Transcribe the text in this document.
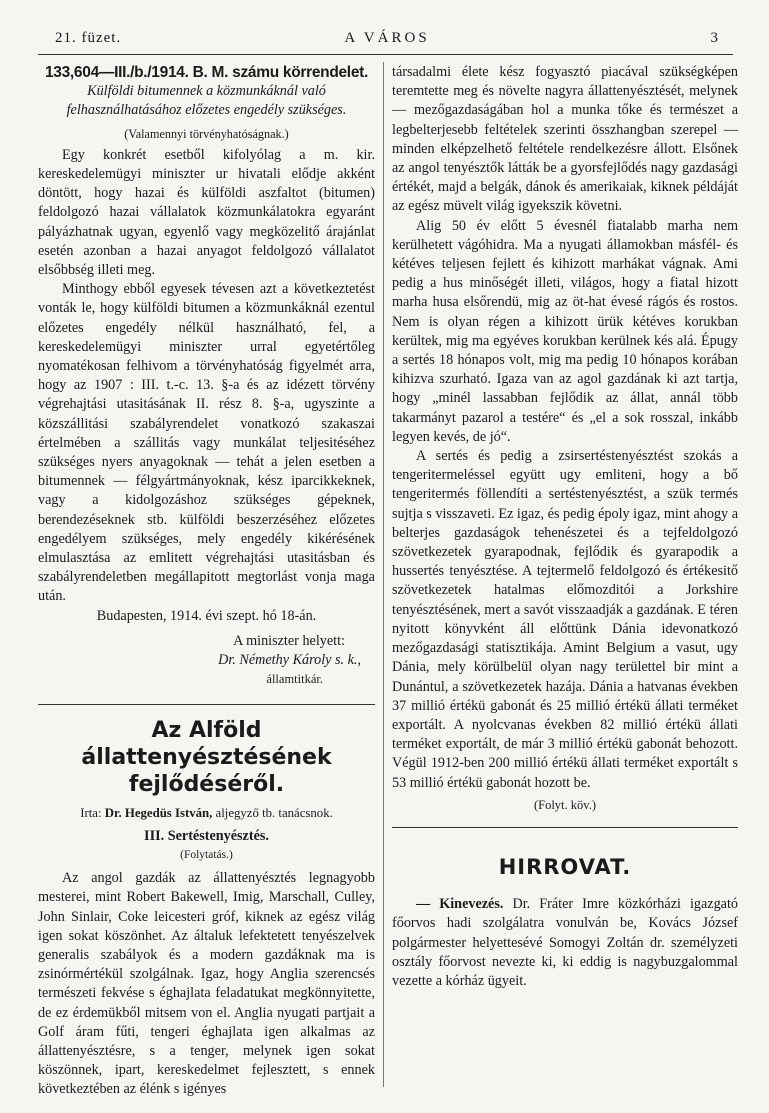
21. füzet.	A VÁROS	3
133,604—III./b./1914. B. M. számu körrendelet.
Külföldi bitumennek a közmunkáknál való felhasználhatásához előzetes engedély szükséges.
(Valamennyi törvényhatóságnak.)

Egy konkrét esetből kifolyólag a m. kir. kereskedelemügyi miniszter ur hivatali elődje akként döntött, hogy hazai és külföldi aszfaltot (bitumen) feldolgozó hazai vállalatok közmunkálatokra egyaránt pályázhatnak ugyan, egyenlő vagy megközelitő árajánlat esetén azonban a hazai anyagot feldolgozó vállalatot elsőbbség illeti meg.

Minthogy ebből egyesek tévesen azt a következtetést vonták le, hogy külföldi bitumen a közmunkáknál ezentul előzetes engedély nélkül használható, fel, a kereskedelemügyi miniszter urral egyetértőleg nyomatékosan felhivom a törvényhatóság figyelmét arra, hogy az 1907 : III. t.-c. 13. §-a és az idézett törvény végrehajtási utasitásának II. rész 8. §-a, ugyszinte a közszállitási szabályrendelet vonatkozó szakaszai értelmében a szállitás vagy munkálat teljesitéséhez szükséges nyers anyagoknak — tehát a jelen esetben a bitumennek — félgyártmányoknak, kész iparcikkeknek, vagy a kidolgozáshoz szükséges gépeknek, berendezéseknek stb. külföldi beszerzéséhez előzetes engedélyem szükséges, mely engedély kikérésének elmulasztása az emlitett végrehajtási utasitásban és szabályrendeletben megállapitott megtorlást vonja maga után.

Budapesten, 1914. évi szept. hó 18-án.

A miniszter helyett:
Dr. Némethy Károly s. k.,
államtitkár.
Az Alföld állattenyésztésének fejlődéséről.
Irta: Dr. Hegedüs István, aljegyző tb. tanácsnok.
III. Sertéstenyésztés.
(Folytatás.)

Az angol gazdák az állattenyésztés legnagyobb mesterei, mint Robert Bakewell, Imig, Marschall, Culley, John Sinlair, Coke leicesteri gróf, kiknek az egész világ igen sokat köszönhet. Az általuk lefektetett tenyészelvek generalis szabályok és a modern gazdáknak ma is zsinórmértékül szolgálnak. Igaz, hogy Anglia szerencsés természeti fekvése s éghajlata feladatukat megkönnyitette, de ez érdemükből mitsem von el. Anglia nyugati partjait a Golf áram fűti, tengeri éghajlata igen alkalmas az állattenyésztésre, s a tenger, melynek igen sokat köszönnek, ipart, kereskedelmet fejlesztett, s ennek következtében az élénk s igényes

társadalmi élete kész fogyasztó piacával szükségképen teremtette meg és növelte nagyra állattenyésztését, melynek — mezőgazdaságában hol a munka tőke és természet a legbelterjesebb feltételek szerinti összhangban szerepel — minden elképzelhető feltétele rendelkezésre állott. Elsőnek az angol tenyésztők látták be a gyorsfejlődés nagy gazdasági értékét, majd a belgák, dánok és amerikaiak, kiknek példáját az egész müvelt világ igyekszik követni.

Alig 50 év előtt 5 évesnél fiatalabb marha nem kerülhetett vágóhidra. Ma a nyugati államokban másfél- és kétéves teljesen fejlett és kihizott marhákat vágnak. Ami pedig a hus minőségét illeti, világos, hogy a fiatal hizott marha husa elsőrendü, mig az öt-hat évesé rágós és rostos. Nem is olyan régen a kihizott ürük kétéves korukban kerültek, mig ma egyéves korukban kerülnek kés alá. Épugy a sertés 18 hónapos volt, mig ma pedig 10 hónapos korában kihizva szurható. Igaza van az agol gazdának ki azt tartja, hogy „minél lassabban fejlődik az állat, annál több takarmányt pazarol a testére“ és „el a sok rosszal, inkább legyen kevés, de jó“.

A sertés és pedig a zsirsertéstenyésztést szokás a tengeritermeléssel együtt ugy emliteni, hogy a bő tengeritermés föllendíti a sertéstenyésztést, a szük termés sujtja s visszaveti. Ez igaz, és pedig époly igaz, mint ahogy a belterjes gazdaságok tehenészetei és a tejfeldolgozó szövetkezetek gyarapodnak, fejlődik és gyarapodik a hussertés tenyésztése. A tejtermelő feldolgozó és értékesitő szövetkezetek hatalmas előmozditói a Jorkshire tenyésztésének, mert a savót visszaadják a gazdának. E téren nyitott könyvként áll előttünk Dánia idevonatkozó mezőgazdasági statisztikája. Amint Belgium a vasut, ugy Dánia, mely körülbelül olyan nagy területtel bir mint a Dunántul, a szövetkezetek hazája. Dánia a hatvanas években 37 millió értékü gabonát és 25 millió értékü állati terméket exportált. A nyolcvanas években 82 millió értékü állati terméket exportált, de már 3 millió értékü gabonát behozott. Végül 1912-ben 200 millió értékü állati terméket exportált s 53 millió értékü gabonát hozott be.

(Folyt. köv.)
HIRROVAT.

— Kinevezés. Dr. Fráter Imre közkórházi igazgató főorvos hadi szolgálatra vonulván be, Kovács József polgármester helyettesévé Somogyi Zoltán dr. személyzeti osztály főorvost nevezte ki, ki eddig is nagybuzgalommal vezette a kórház ügyeit.
